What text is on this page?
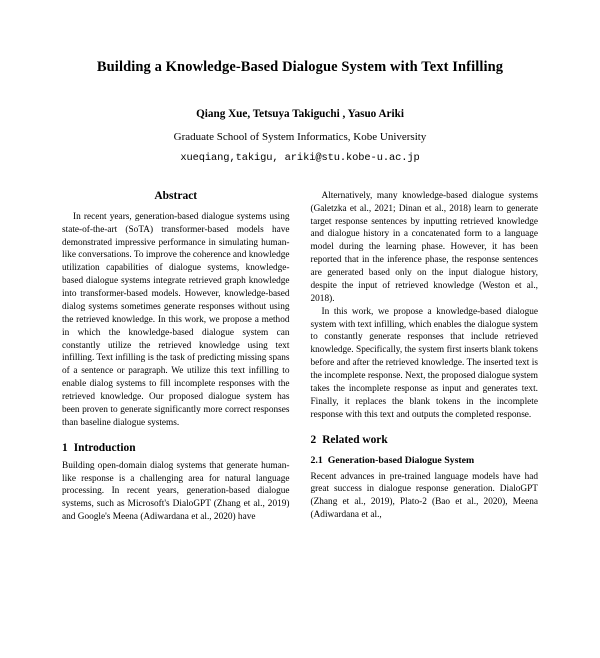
Building a Knowledge-Based Dialogue System with Text Infilling
Qiang Xue, Tetsuya Takiguchi , Yasuo Ariki
Graduate School of System Informatics, Kobe University
xueqiang,takigu, ariki@stu.kobe-u.ac.jp
Abstract

In recent years, generation-based dialogue systems using state-of-the-art (SoTA) transformer-based models have demonstrated impressive performance in simulating human-like conversations. To improve the coherence and knowledge utilization capabilities of dialogue systems, knowledge-based dialogue systems integrate retrieved graph knowledge into transformer-based models. However, knowledge-based dialog systems sometimes generate responses without using the retrieved knowledge. In this work, we propose a method in which the knowledge-based dialogue system can constantly utilize the retrieved knowledge using text infilling. Text infilling is the task of predicting missing spans of a sentence or paragraph. We utilize this text infilling to enable dialog systems to fill incomplete responses with the retrieved knowledge. Our proposed dialogue system has been proven to generate significantly more correct responses than baseline dialogue systems.

1 Introduction

Building open-domain dialog systems that generate human-like response is a challenging area for natural language processing. In recent years, generation-based dialogue systems, such as Microsoft's DialoGPT (Zhang et al., 2019) and Google's Meena (Adiwardana et al., 2020) have

Alternatively, many knowledge-based dialogue systems (Galetzka et al., 2021; Dinan et al., 2018) learn to generate target response sentences by inputting retrieved knowledge and dialogue history in a concatenated form to a language model during the learning phase. However, it has been reported that in the inference phase, the response sentences are generated based only on the input dialogue history, despite the input of retrieved knowledge (Weston et al., 2018).

In this work, we propose a knowledge-based dialogue system with text infilling, which enables the dialogue system to constantly generate responses that include retrieved knowledge. Specifically, the system first inserts blank tokens before and after the retrieved knowledge. The inserted text is the incomplete response. Next, the proposed dialogue system takes the incomplete response as input and generates text. Finally, it replaces the blank tokens in the incomplete response with this text and outputs the completed response.

2 Related work
2.1 Generation-based Dialogue System

Recent advances in pre-trained language models have had great success in dialogue response generation. DialoGPT (Zhang et al., 2019), Plato-2 (Bao et al., 2020), Meena (Adiwardana et al.,
